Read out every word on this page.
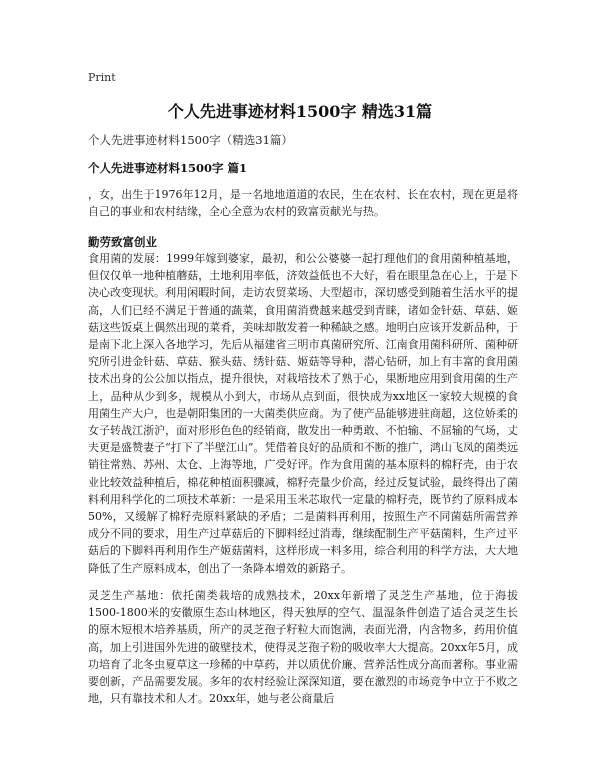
Print
个人先进事迹材料1500字 精选31篇
个人先进事迹材料1500字（精选31篇）
个人先进事迹材料1500字 篇1

，女，出生于1976年12月，是一名地地道道的农民，生在农村、长在农村，现在更是将自己的事业和农村结缘，全心全意为农村的致富贡献光与热。

勤劳致富创业

食用菌的发展：1999年嫁到婆家，最初，和公公婆婆一起打理他们的食用菌种植基地，但仅仅单一地种植蘑菇，土地利用率低，济效益低也不大好，看在眼里急在心上，于是下决心改变现状。利用闲暇时间，走访农贸菜场、大型超市，深切感受到随着生活水平的提高，人们已经不满足于普通的蔬菜，食用菌消费越来越受到青睐，诸如金针菇、草菇、姬菇这些饭桌上偶然出现的菜肴，美味却散发着一种稀缺之感。地明白应该开发新品种，于是南下北上深入各地学习，先后从福建省三明市真菌研究所、江南食用菌科研所、菌种研究所引进金针菇、草菇、猴头菇、绣针菇、姬菇等导种，潜心钻研，加上有丰富的食用菌技术出身的公公加以指点，提升很快，对栽培技术了熟于心，果断地应用到食用菌的生产上，品种从少到多，规模从小到大，市场从点到面，很快成为xx地区一家较大规模的食用菌生产大户，也是朝阳集团的一大菌类供应商。为了使产品能够进驻商超，这位娇柔的女子转战江浙沪，面对形形色色的经销商，散发出一种勇敢、不怕输、不屈输的气场，丈夫更是盛赞妻子“打下了半壁江山”。凭借着良好的品质和不断的推广，鸿山飞凤的菌类远销往常熟、苏州、太仓、上海等地，广受好评。作为食用菌的基本原料的棉籽壳，由于农业比较效益种植后，棉花种植面积骤减，棉籽壳量少价高，经过反复试验，最终得出了菌料利用科学化的二项技术革新：一是采用玉米芯取代一定量的棉籽壳，既节约了原料成本50%，又缓解了棉籽壳原料紧缺的矛盾；二是菌料再利用，按照生产不同菌菇所需营养成分不同的要求，用生产过草菇后的下脚料经过消毒，继续配制生产平菇菌料，生产过平菇后的下脚料再利用作生产姬菇菌料，这样形成一料多用，综合利用的科学方法，大大地降低了生产原料成本，创出了一条降本增效的新路子。

灵芝生产基地：依托菌类栽培的成熟技术，20xx年新增了灵芝生产基地，位于海拔1500-1800米的安徽原生态山林地区，得天独厚的空气、温湿条件创造了适合灵芝生长的原木短根木培养基质，所产的灵芝孢子籽粒大而饱满，表面光滑，内含物多，药用价值高，加上引进国外先进的破壁技术，使得灵芝孢子粉的吸收率大大提高。20xx年5月，成功培育了北冬虫夏草这一珍稀的中草药，并以质优价廉、营养活性成分高而著称。事业需要创新，产品需要发展。多年的农村经验让深深知道，要在激烈的市场竞争中立于不败之地，只有靠技术和人才。20xx年，她与老公商量后
